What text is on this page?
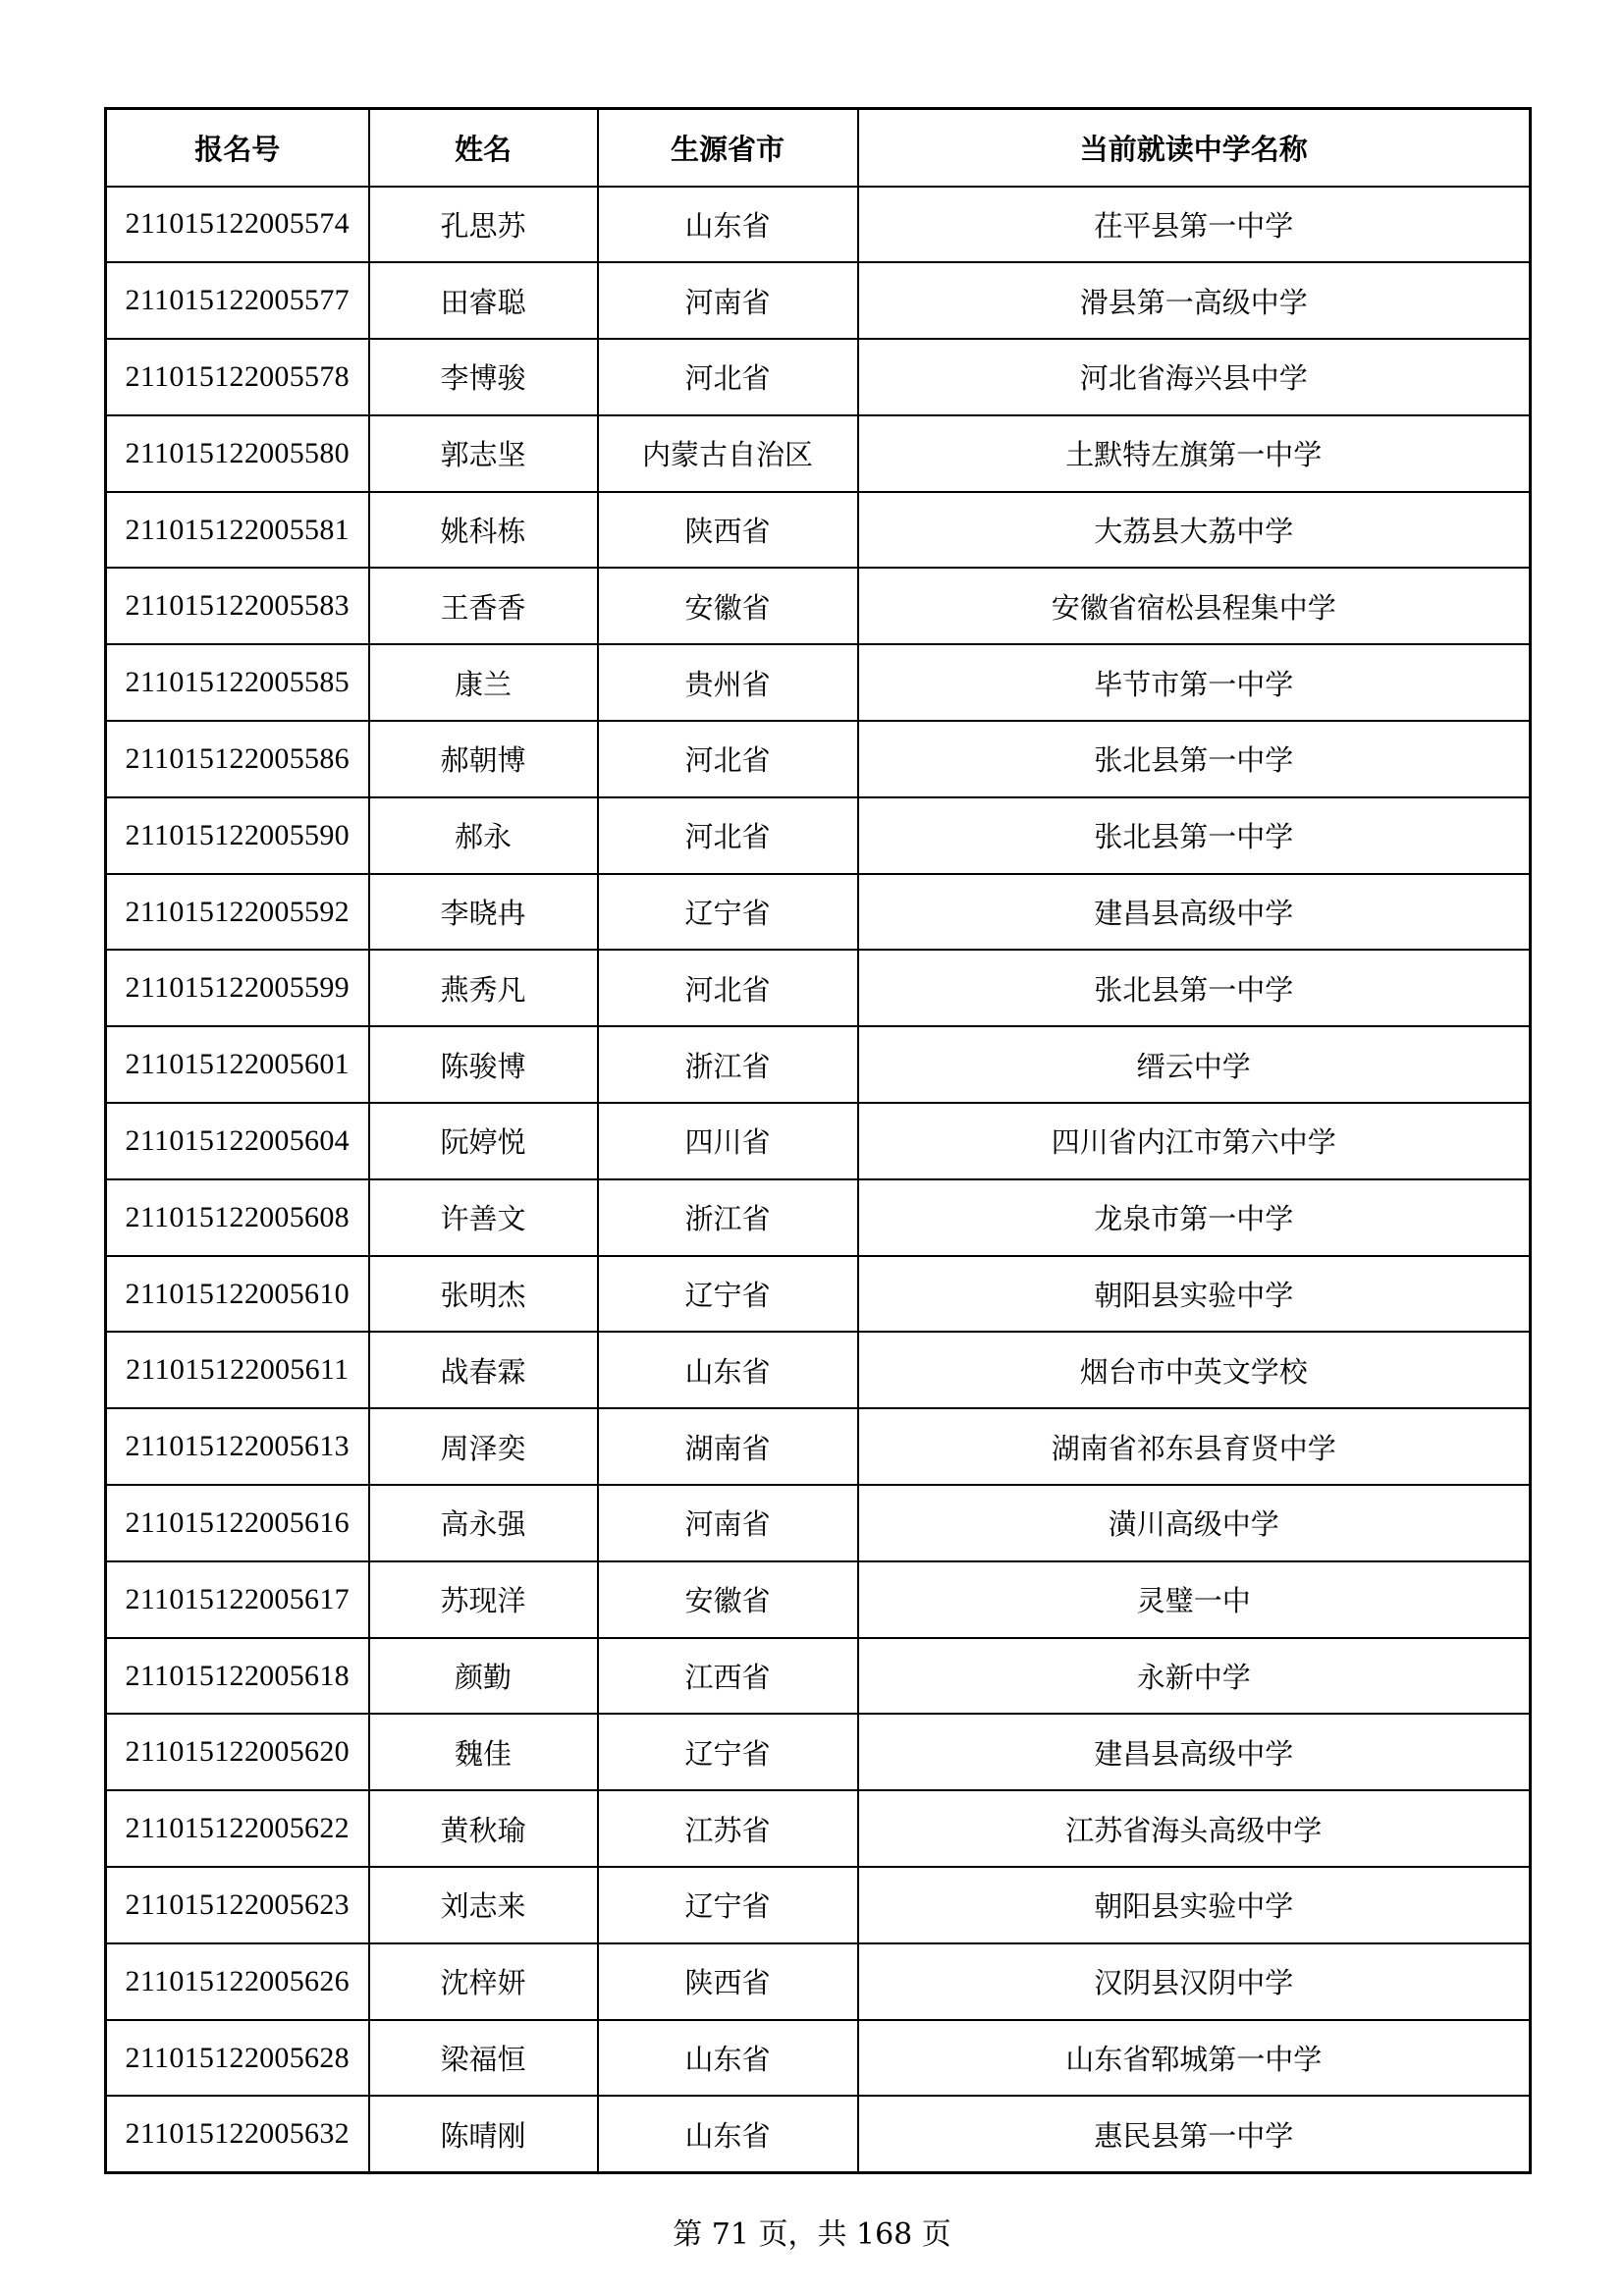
报名号	姓名	生源省市	当前就读中学名称
211015122005574	孔思苏	山东省	茌平县第一中学
211015122005577	田睿聪	河南省	滑县第一高级中学
211015122005578	李博骏	河北省	河北省海兴县中学
211015122005580	郭志坚	内蒙古自治区	土默特左旗第一中学
211015122005581	姚科栋	陕西省	大荔县大荔中学
211015122005583	王香香	安徽省	安徽省宿松县程集中学
211015122005585	康兰	贵州省	毕节市第一中学
211015122005586	郝朝博	河北省	张北县第一中学
211015122005590	郝永	河北省	张北县第一中学
211015122005592	李晓冉	辽宁省	建昌县高级中学
211015122005599	燕秀凡	河北省	张北县第一中学
211015122005601	陈骏博	浙江省	缙云中学
211015122005604	阮婷悦	四川省	四川省内江市第六中学
211015122005608	许善文	浙江省	龙泉市第一中学
211015122005610	张明杰	辽宁省	朝阳县实验中学
211015122005611	战春霖	山东省	烟台市中英文学校
211015122005613	周泽奕	湖南省	湖南省祁东县育贤中学
211015122005616	高永强	河南省	潢川高级中学
211015122005617	苏现洋	安徽省	灵璧一中
211015122005618	颜勤	江西省	永新中学
211015122005620	魏佳	辽宁省	建昌县高级中学
211015122005622	黄秋瑜	江苏省	江苏省海头高级中学
211015122005623	刘志来	辽宁省	朝阳县实验中学
211015122005626	沈梓妍	陕西省	汉阴县汉阴中学
211015122005628	梁福恒	山东省	山东省郓城第一中学
211015122005632	陈晴刚	山东省	惠民县第一中学
第 71 页，共 168 页
